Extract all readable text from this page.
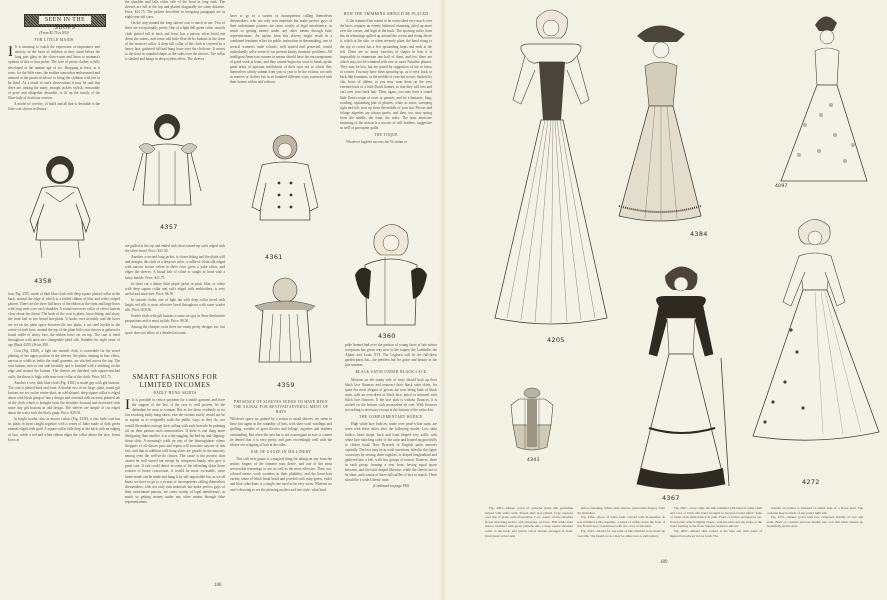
SEEN IN THE SHOPS
(From $2.75 to $30)
FOR LITTLE MAIDS

I It is amusing to watch the expression of importance and anxiety on the faces of children as they stand before the long pier glass in the show-room and listen to mamma's opinion of this or that jacket. The love of pretty clothes is fully developed at the mature age of six. Shopping at least, as it were, for the little ones, the mother somewhat embarrassed and amused at the practical advice to bring the children with her to be fitted. As a result of one's observations it may be said that there are, among the many, enough jackets stylish, reasonable of price and altogether desirable, to fit up the family of the Shoe-lady of fictitious renown.

A model of severity, of build and all that is desirable is the little coat shown in illustra-

4358

tion, Fig. 4357, made of dark blue cloth with deep square plaited collar at the back, around the edge of which is a folded ribbon of blue and white striped pattern. There are the three full bows of the ribbon at the front and large bows with long ends over each shoulder. A round turn-over collar of velvet fastens close about the throat. The back of the coat is plain, loose-fitting, and short; the front laid in two broad box-plaits. It hooks over invisibly and the bows are set on the plain space between the two plaits, a cut steel buckle in the centre of each bow; around the top of the plain little coat sleeves is gathered a broad ruffle of heavy lace, the ribbon bows set on top. The coat is lined throughout with attractive changeable plaid silk. Suitable for eight years of age (Back 4359.) Price, $30.

Coat (Fig. 4360), a light tan smooth cloth, is noticeable for the novel plaiting of the upper portion of the sleeves, the plaits running in bias effect, narrow in width as befits the small garment, are stitched across the top. The coat buttons over to one side invisibly and is finished with a stitching on the edge and around the bottom. The sleeves are finished with square-stitched cuffs, the throat is high, with turn-over collar of the cloth. Price, $13.75.

Another a very dark blue cloth (Fig. 4361) is made gay with gilt buttons. The coat is plaited back and front. A double row of six large, plain, round gilt buttons are set on the centre plait; an odd-shaped, deep square collar is edged about with black gimp of fancy design and overlaid with an extra pointed tab of the cloth which is brought from the shoulder forward and decorated with some tiny gilt buttons in odd design. The sleeves are simple of cut edged about the waist with the black gimp. Price, $20.50.

In bright scarlet, also in mouse colour (Fig. 4358), a chic little coat has its plaits in front caught together with a series of links made of dark green enamel edged with gold. A square collar falls deep at the back with an edging of lace, while a red and white ribbon edges the collar above the lace, forms bows at

4357

the shoulder and falls either side of the front in long ends. The sleeves are full at the top and plaited diagonally for some distance. Price, $21.75. The jackets described in foregoing paragraph are in eight-year-old sizes.

On the step-around the long skirted coat is much in use. Two of these are exceptionally pretty. One of a light dell green color, smooth cloth plaited full at back and front, has a narrow silver braid run down the seams, and some odd little fleur-de-lis buttons at the front of the turnover collar. A deep full collar of the cloth is covered by a heavy lace, gathered full and hung loose over the cloth one. It comes to the front in rounded shape, at the sides over the sleeves. The collar is slashed and hangs in deep eyelets effect. The sleeves

are puffed at the top and ended with short turned-up cuffs edged with the silver braid. Price, $21.50.

Another, a second long jacket, is closer fitting and the plaits stiff and straight, the cloth of a deep tan color; a ruffle of white silk edged with narrow brown velvet in three rows gives a yoke effect, and edges the sleeves. A broad belt of white is caught in front with a fancy buckle. Price, $21.75.

In short cut a dainty little piqué jacket in pink, blue, or white with deep square collar and cuffs edged with embroidery, is very useful and attractive. Price, $6.50.

In smooth cloths, one of light tan with deep collar faced with bright red silk is most effective lined throughout with same scarlet silk. Price, $18.50.

Scarlet cloth with gilt buttons is none too gay in these diminutive proportions and is most stylish. Price, $9.50.

Among the cheaper coats there are many pretty designs too, but space does not allow of a detailed account.

SMART FASHIONS FOR LIMITED INCOMES
BADLY HUNG SKIRTS

I It is possible to refuse payment for a misfit garment and have the support of the law, if the case is well proven, let the defendant be man or woman. But as for those evidently in no law reaching badly hung skirts, else the victims surely would not be so supine as to resignedly walk the public ways as they do, nor would the makers outrage their calling with such bravado by palming off on their patrons such monstrosities. If there is one thing more disfiguring than another, it is a dip-sagging, hitched-up and slipping-down skirt. A morning's walk on any of the thoroughfares where shoppers of all classes pass and repass will convince anyone of this fact, and that in addition well hung skirts are greatly in the minority among even the well-to-do classes. The cause is the poorest skirt cannot be well turned out except by competent hands, who give it great care. If one could detect in some of the offending skirts those women of home concoction, it would be more excusable, since home-made can be made and hung it by self-unpossible but, as we all know we have to go to a swarm of incompetents calling themselves dressmakers, who not only ruin materials but make perfect guys of their unfortunate patrons, are cases worthy of legal interference, as much so getting money under any other means through false representations.

have to go to a swarm of incompetents calling themselves dressmakers, who not only ruin materials but make perfect guys of their unfortunate patrons, are cases worthy of legal interference, as much so getting money under any other means through false representations. An option from this slavery might result in a combined feminine effort for public instruction in dressmaking, one of several women's trade schools, well started and protected, would undoubtedly solve some of our present knotty domestic problems. All intelligent American women in means should have the encouragement of good work at heart, and they cannot begin too soon to break up the great army of ignorant inefficients of their own sex to which they themselves calmly submit from year to year to be the victims, not only in matters of clothes but in an hundred different ways connected with their homes within and without.

4361
4359
PRESENCE OF SLEEVES SEEMS TO HAVE BEEN THE SIGNAL FOR REVIVED SEVERAL-MENT OF HATS

Whatever space we gained by a return to small sleeves, we seem to have lost again in the rotundity of hats, with their scarf windings and quilling, wreaths of great flowers and foliage, aigrettes and feathers outstanding. But when the new hat is not extravagant in size, it cannot be denied that it is very pretty, and goes exceedingly well with the blouse out cropping of hair at the sides.

USE OF GAUZE IN MILLINERY

This stiff new gauze is a magical thing for taking on any form the artistic fingers of the trimmer may desire, and one of the most serviceable trimmings to use as well as the most effective. Then, too, colored straws work wonders in their pliability, and the horse-hair variety when of black braid braid and jeweled with ruby-green, violet and blue cabochons is a single one used to be very worn. Whereas no one is drawing to see the pleasing modest and fete style, what kind

HOW THE TRIMMING SHOULD BE PLACED

A flat trimmed hat meant to be worn tilted very much over the brow requires an evenly balanced trimming, piled up more over the crown, and high at the back. The sporting sailor form has its trimmings spilled up around the crown and rising above it, which at the side, or when severely plain, the band rising to the top of crown has a few upstanding loops and ends at the left. There are so many varieties of shapes in hats it is impossible to enumerate one half of them, and few there are which may not be trimmed with one or more Paradise plumes. They may be low, but are posed by suggestion of hat or fancy of wearer. You may have them spouting up, as it were, back to back like fountains, in the middle of your hat crown, flanked by chic bows of ribbon, or you may wear them on the very extreme back of a little Dutch bonnet, so that they will toss and curl over your back hair. Then, again, you may have a round little flower toque of roses or pansies, and for a fantastic, long, swirling, upstanding pair of plumes, white as snow, sweeping right and left, start up from the middle of your hat. Flower and foliage aigrettes are always pretty, and then, too, may spring from the middle, the front, the sides. The least attractive trimming of the season is a sea-stir of stiff feathers, suggestive as well of porcupine quills.

THE TOQUE

Whatever fugitive success the Victorian or

4360

poke bonnet had over the portion of young faces at late winter receptions has given way now to the toques, the Lamballe, the Alpine and Louis XVI. The Leghorn will be the full-dress garden-party hat—the peerless hat for grace and beauty in the late summer.

BLACK SATIN UNDER BLACK LACE

Matrons on the sunny side of forty should look up their black lace flounces and resurrect their black satin skirts, for quite the most elegant of gowns are now being built of black satin, with an over-dress of black lace, jetted or trimmed with black lace flounces. If the lace skirt is without flounces, it is ruched on the bottom with mousseline de soie. With flounces no ruching is necessary except at the bottom of the satin skirt.

THE COMPLEMENTARY BODICE

High white lace bodices, made over pearl-white satin, are worn with these skirts after the following model: Low satin bodice, heart shape, back and front draped very softly with white lace matching color of the satin and looped up gracefully to choker band. Now Brussels or English point answers capitally. The lace may be in wide insertions, fitted to the figure crossways by sewing them together, to draped longitudinal and gathered into a belt, with two groups of narrow flounces, three in each group, forming a vest front, having equal space between, and the back draped likewise; while the sleeves are to be short, and consist of three full ruffles of lace to match. There should be a wide Liberty satin

(Continued on page 190)
188
4205
4384
4097
4272
4343
4367

Fig. 4205—Dinner gown of pistache green silk grenadine striped with white satin. Round skirt lace-plaited, large separate over slip of green satin mousseline. Low, round, off-the-shoulder flower-matching bodice, sash blossoms, and lace. Half-white satin bolero, trimmed with green pistache silk, a deep square shoulder collar to the back, and yellow velvet buttons arranged in front. Dark green velvet sash

before fastening. White satin sleeves, green tulle drapery from the shoulders.

Fig. 4384—Piece of white satin covered with mousseline de soie trimmed with jonquilles, a series of ruffles down the front of this French lace; overdressed with two rows of insertion.

Fig. 4343—Model for any kind of thin material to be made up over silk. The insertion on a may be either lace or embroidery.

Fig. 4367—Gray cloth, the skirt trimmed with band of white cloth and rows of black silk braid arranged in Grecian border effect. Yoke of white cloth embroidered in pink. Front of bodice arranged in two broad plaits which slightly blouse, with the ends and the straps of the braid forming at the front. Sleeves tucked to elbows.

Fig. 4097—Dinner skirt tucked at the hips and with panel of figured lace placed in box form. The

bretelle on bodice is fastened on either side of a broad plait. The costume may be made of any pretty light silk.

Fig. 4272—Dinner gown with lace composed entirely of lace and satin. Back of costume princess model; any coat silk fabric makes up beautifully in this style.

189
